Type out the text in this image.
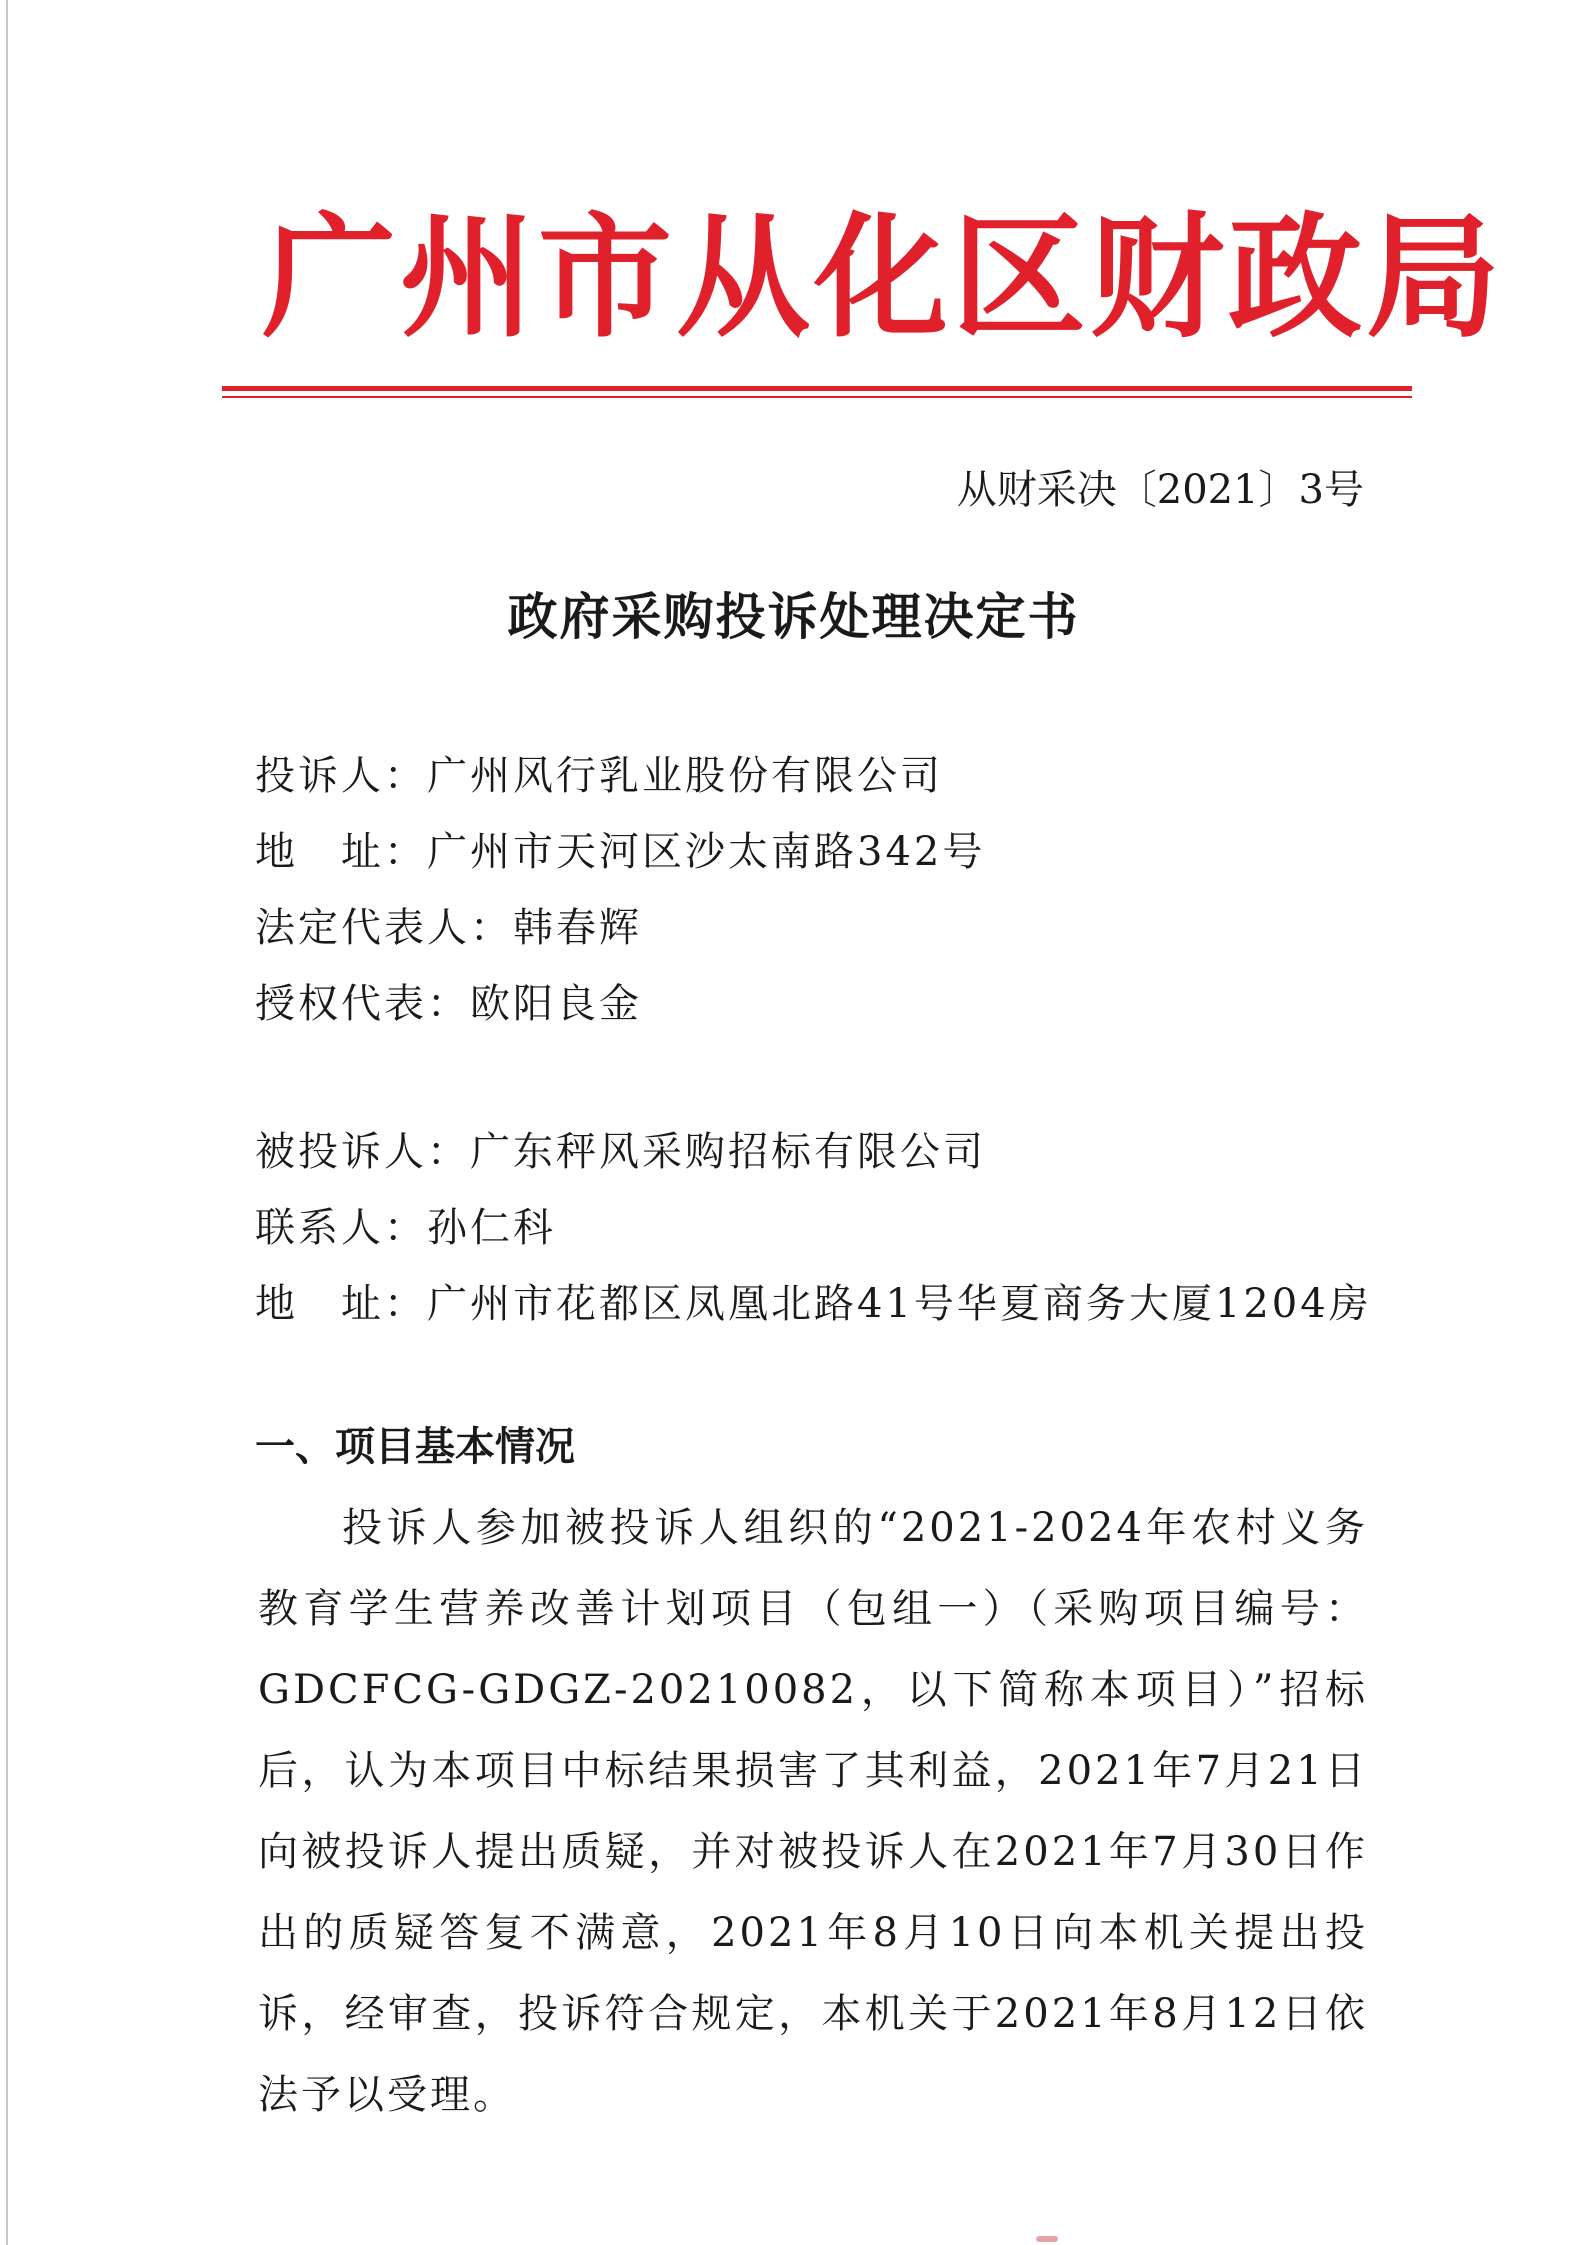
广州市从化区财政局
从财采决〔2021〕3号
政府采购投诉处理决定书
投诉人：广州风行乳业股份有限公司
地　址：广州市天河区沙太南路342号
法定代表人：韩春辉
授权代表：欧阳良金
被投诉人：广东秤风采购招标有限公司
联系人：孙仁科
地　址：广州市花都区凤凰北路41号华夏商务大厦1204房
一、项目基本情况
投诉人参加被投诉人组织的“2021-2024年农村义务教育学生营养改善计划项目（包组一）（采购项目编号：GDCFCG-GDGZ-20210082，以下简称本项目）”招标后，认为本项目中标结果损害了其利益，2021年7月21日向被投诉人提出质疑，并对被投诉人在2021年7月30日作出的质疑答复不满意，2021年8月10日向本机关提出投诉，经审查，投诉符合规定，本机关于2021年8月12日依法予以受理。
